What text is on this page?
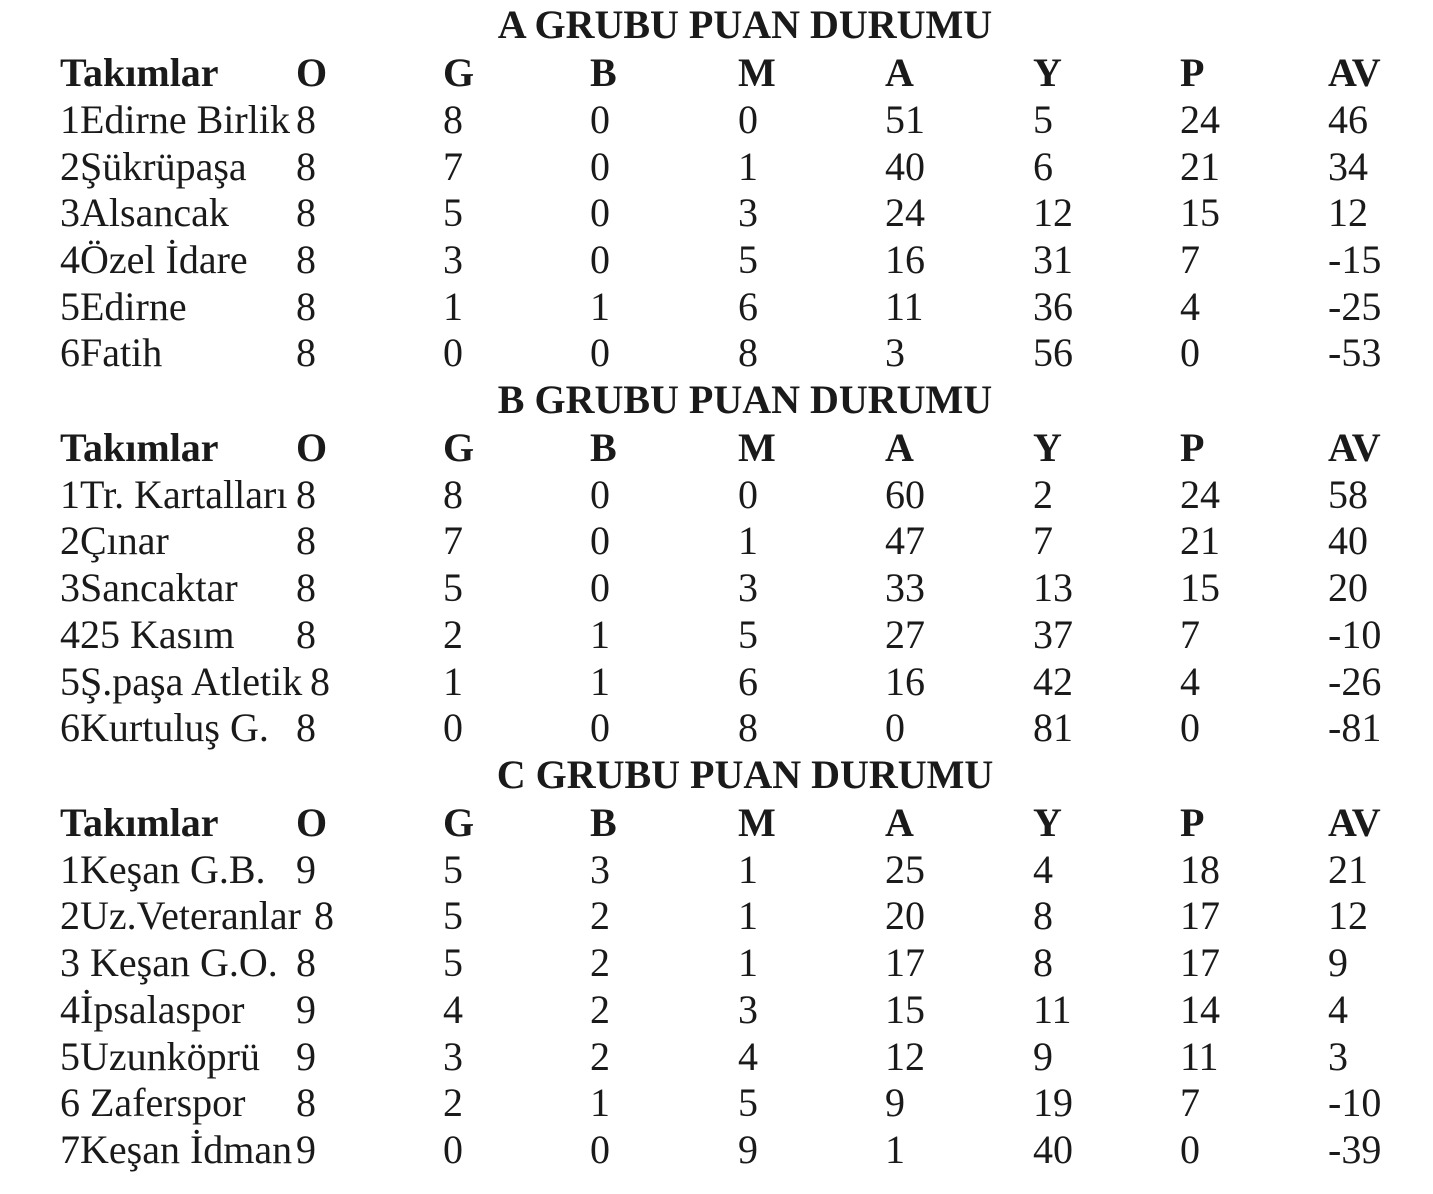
A GRUBU PUAN DURUMU
Takımlar O	G	B	M	A	Y	P	AV
1Edirne Birlik 8	8	0	0	51	5	24	46
2Şükrüpaşa 8	7	0	1	40	6	21	34
3Alsancak 8	5	0	3	24	12	15	12
4Özel İdare 8	3	0	5	16	31	7	-15
5Edirne	8	1	1	6	11	36	4	-25
6Fatih	8	0	0	8	3	56	0	-53
B GRUBU PUAN DURUMU
Takımlar O	G	B	M	A	Y	P	AV
1Tr. Kartalları 8	8	0	0	60	2	24	58
2Çınar	8	7	0	1	47	7	21	40
3Sancaktar 8	5	0	3	33	13	15	20
425 Kasım 8	2	1	5	27	37	7	-10
5Ş.paşa Atletik 8	1	1	6	16	42	4	-26
6Kurtuluş G. 8	0	0	8	0	81	0	-81
C GRUBU PUAN DURUMU
Takımlar O	G	B	M	A	Y	P	AV
1Keşan G.B. 9	5	3	1	25	4	18	21
2Uz.Veteranlar 8	5	2	1	20	8	17	12
3 Keşan G.O. 8	5	2	1	17	8	17	9
4İpsalaspor 9	4	2	3	15	11	14	4
5Uzunköprü 9	3	2	4	12	9	11	3
6 Zaferspor 8	2	1	5	9	19	7	-10
7Keşan İdman 9	0	0	9	1	40	0	-39
